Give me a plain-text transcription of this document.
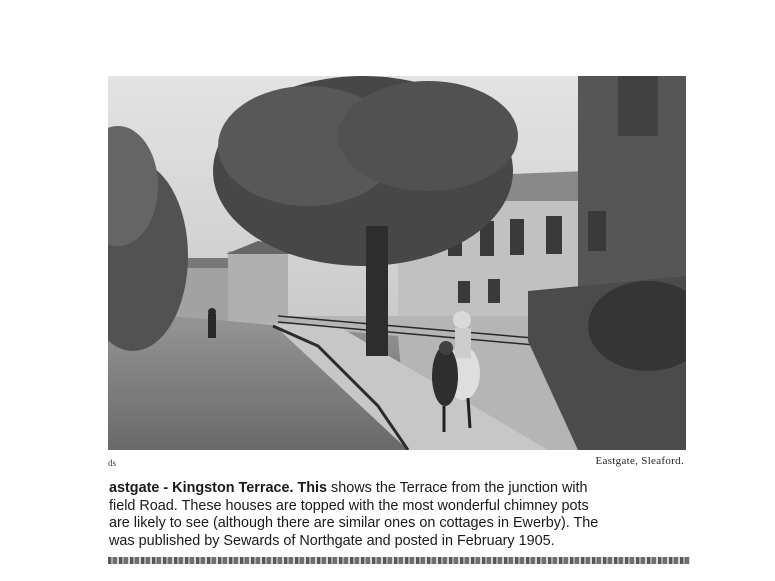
ds	Eastgate, Sleaford.
astgate - Kingston Terrace. This shows the Terrace from the junction with
field Road. These houses are topped with the most wonderful chimney pots
are likely to see (although there are similar ones on cottages in Ewerby). The
was published by Sewards of Northgate and posted in February 1905.
